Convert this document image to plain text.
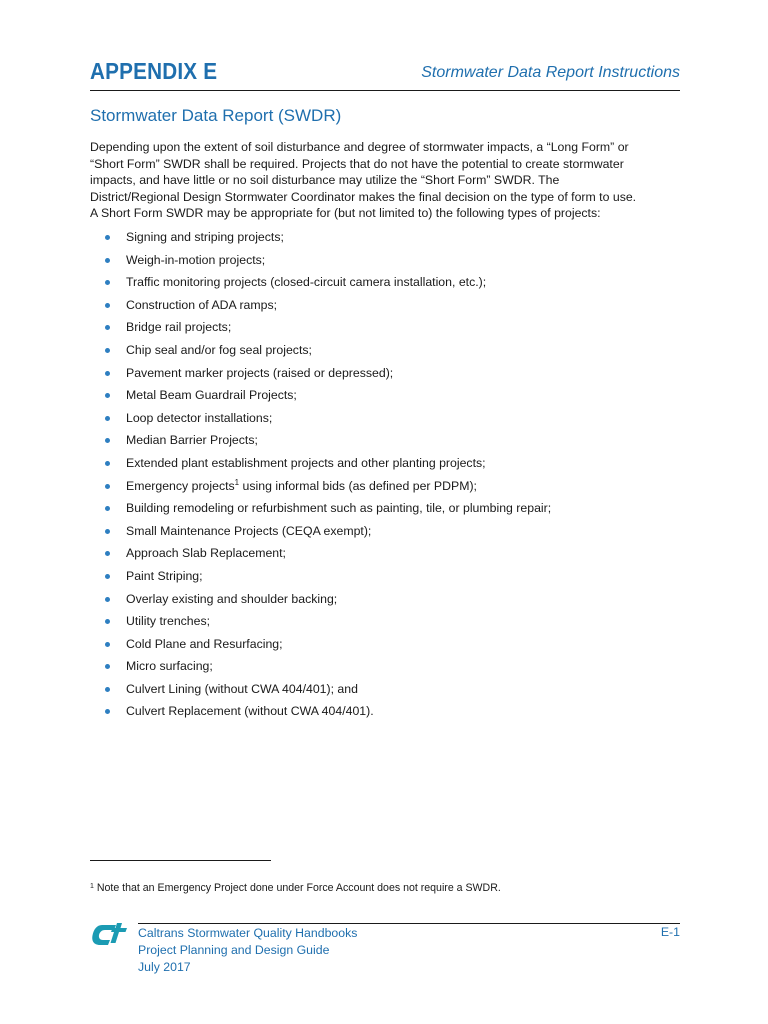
APPENDIX E	Stormwater Data Report Instructions
Stormwater Data Report (SWDR)

Depending upon the extent of soil disturbance and degree of stormwater impacts, a “Long Form” or
“Short Form” SWDR shall be required. Projects that do not have the potential to create stormwater
impacts, and have little or no soil disturbance may utilize the “Short Form” SWDR. The
District/Regional Design Stormwater Coordinator makes the final decision on the type of form to use.
A Short Form SWDR may be appropriate for (but not limited to) the following types of projects:

Signing and striping projects;
Weigh-in-motion projects;
Traffic monitoring projects (closed-circuit camera installation, etc.);
Construction of ADA ramps;
Bridge rail projects;
Chip seal and/or fog seal projects;
Pavement marker projects (raised or depressed);
Metal Beam Guardrail Projects;
Loop detector installations;
Median Barrier Projects;
Extended plant establishment projects and other planting projects;
Emergency projects$^1$ using informal bids (as defined per PDPM);
Building remodeling or refurbishment such as painting, tile, or plumbing repair;
Small Maintenance Projects (CEQA exempt);
Approach Slab Replacement;
Paint Striping;
Overlay existing and shoulder backing;
Utility trenches;
Cold Plane and Resurfacing;
Micro surfacing;
Culvert Lining (without CWA 404/401); and
Culvert Replacement (without CWA 404/401).

$^1$ Note that an Emergency Project done under Force Account does not require a SWDR.

Caltrans Stormwater Quality Handbooks
Project Planning and Design Guide
July 2017
E-1
